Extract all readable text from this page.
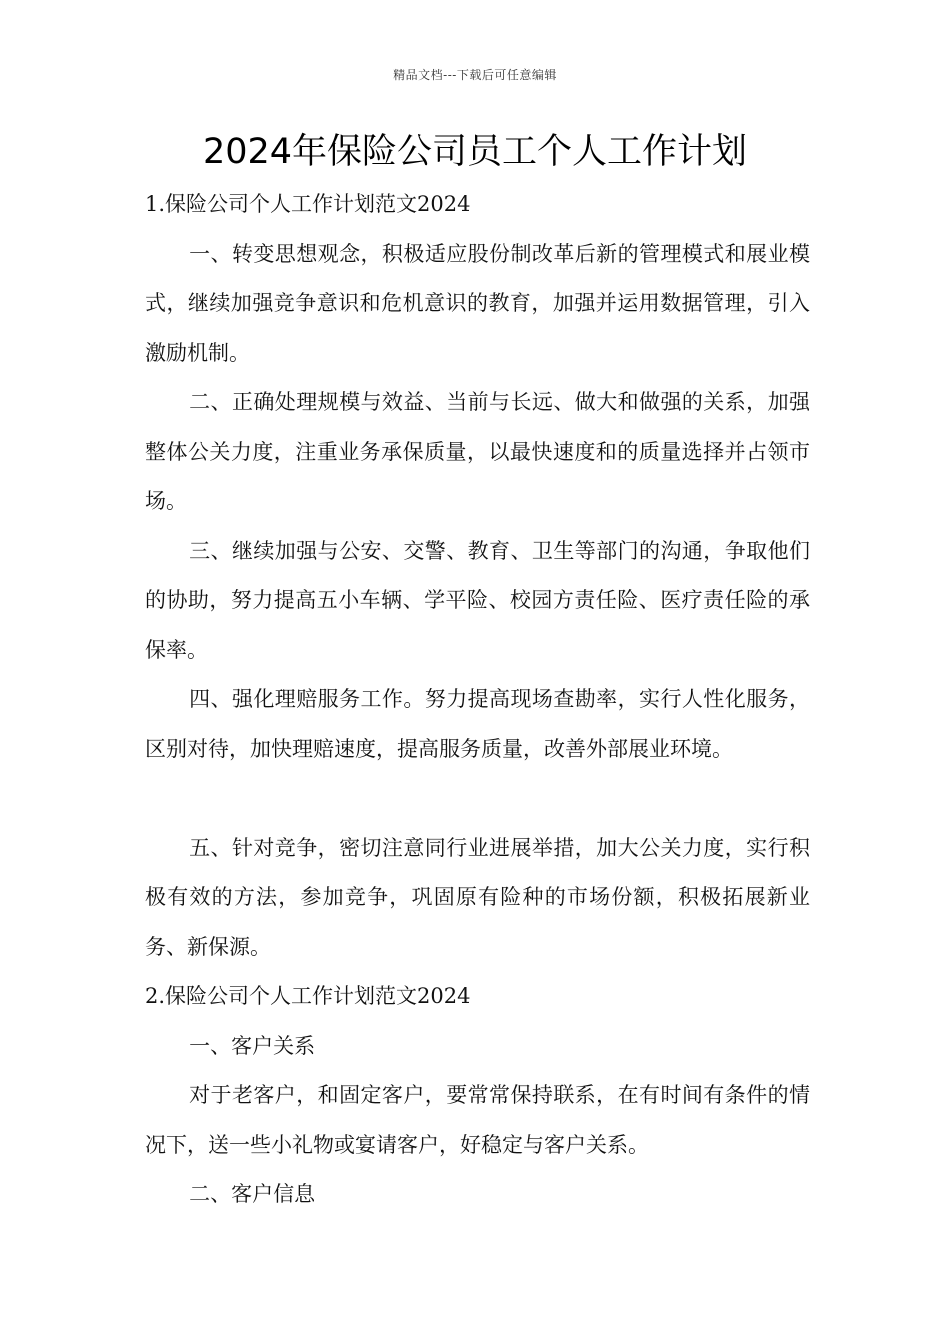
精品文档---下载后可任意编辑
2024年保险公司员工个人工作计划

1.保险公司个人工作计划范文2024

一、转变思想观念，积极适应股份制改革后新的管理模式和展业模式，继续加强竞争意识和危机意识的教育，加强并运用数据管理，引入激励机制。

二、正确处理规模与效益、当前与长远、做大和做强的关系，加强整体公关力度，注重业务承保质量，以最快速度和的质量选择并占领市场。

三、继续加强与公安、交警、教育、卫生等部门的沟通，争取他们的协助，努力提高五小车辆、学平险、校园方责任险、医疗责任险的承保率。

四、强化理赔服务工作。努力提高现场查勘率，实行人性化服务，区别对待，加快理赔速度，提高服务质量，改善外部展业环境。

五、针对竞争，密切注意同行业进展举措，加大公关力度，实行积极有效的方法，参加竞争，巩固原有险种的市场份额，积极拓展新业务、新保源。

2.保险公司个人工作计划范文2024

一、客户关系

对于老客户，和固定客户，要常常保持联系，在有时间有条件的情况下，送一些小礼物或宴请客户，好稳定与客户关系。

二、客户信息
